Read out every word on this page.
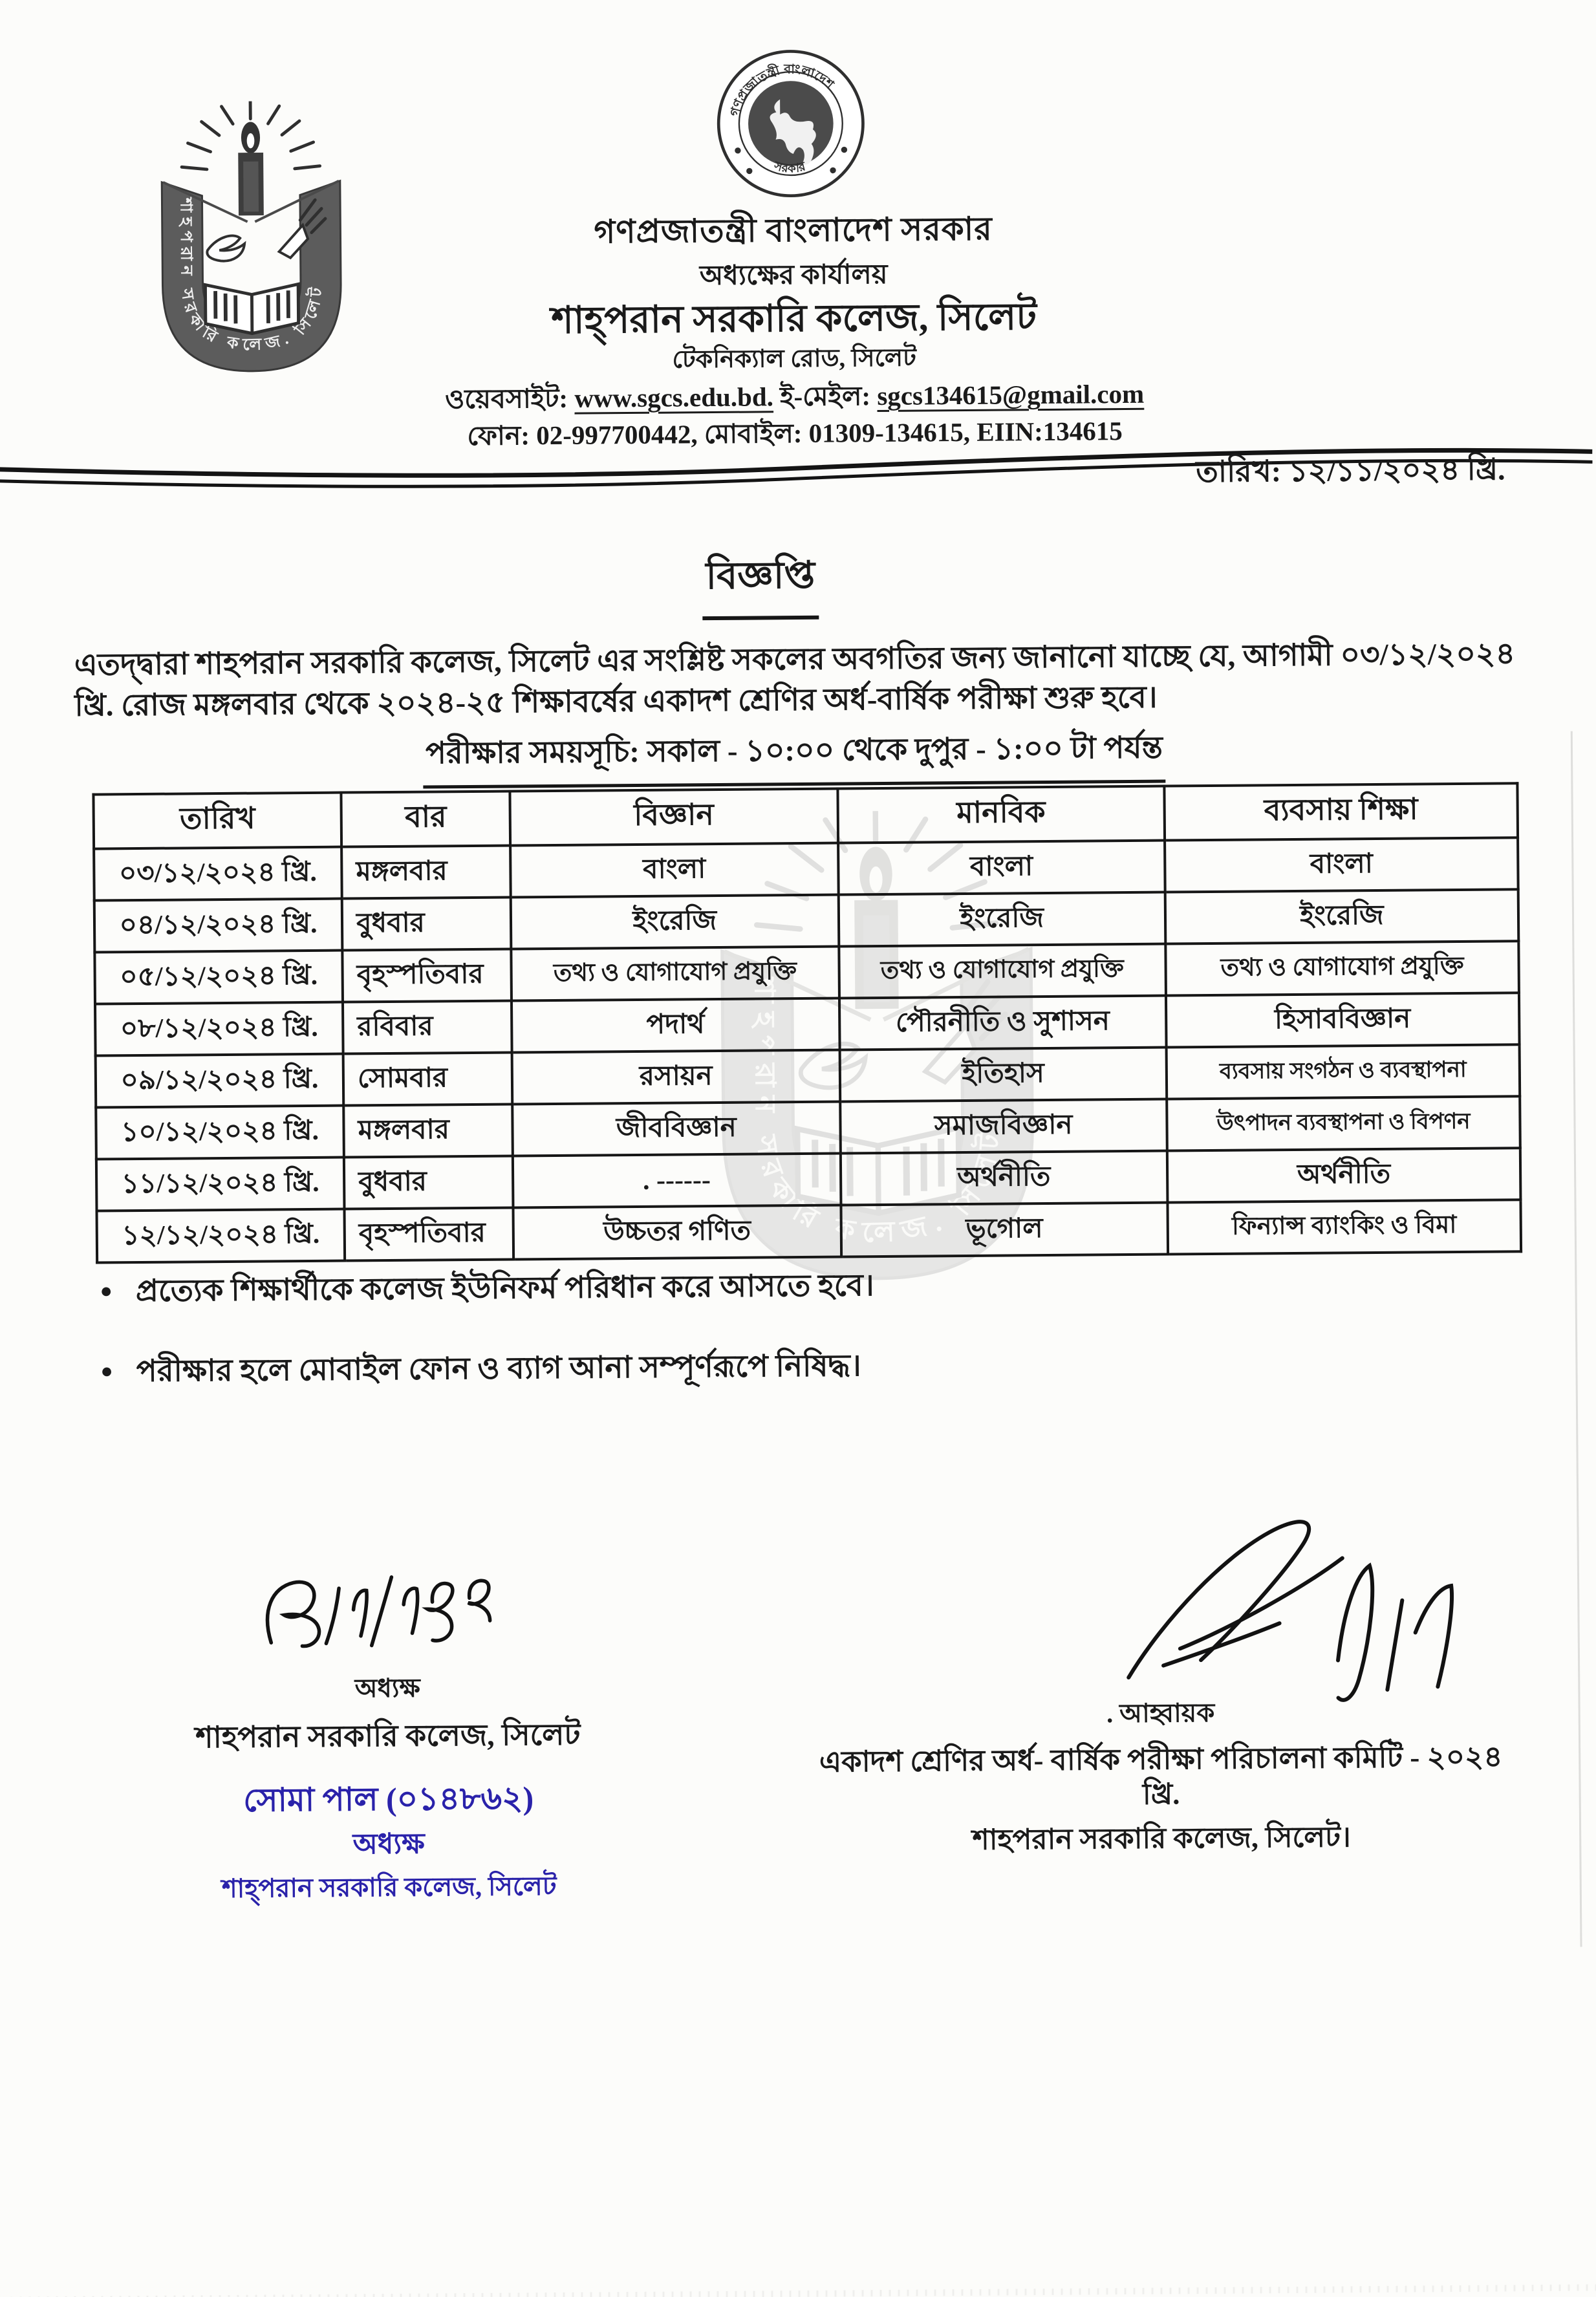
গণপ্রজাতন্ত্রী বাংলাদেশ সরকার
অধ্যক্ষের কার্যালয়
শাহ্‌পরান সরকারি কলেজ, সিলেট
টেকনিক্যাল রোড, সিলেট
ওয়েবসাইট: www.sgcs.edu.bd. ই-মেইল: sgcs134615@gmail.com
ফোন: 02-997700442, মোবাইল: 01309-134615, EIIN:134615
তারিখ: ১২/১১/২০২৪ খ্রি.
বিজ্ঞপ্তি

এতদ্দ্বারা শাহপরান সরকারি কলেজ, সিলেট এর সংশ্লিষ্ট সকলের অবগতির জন্য জানানো যাচ্ছে যে, আগামী ০৩/১২/২০২৪ খ্রি. রোজ মঙ্গলবার থেকে ২০২৪-২৫ শিক্ষাবর্ষের একাদশ শ্রেণির অর্ধ-বার্ষিক পরীক্ষা শুরু হবে।

পরীক্ষার সময়সূচি: সকাল - ১০:০০ থেকে দুপুর - ১:০০ টা পর্যন্ত
তারিখ	বার	বিজ্ঞান	মানবিক	ব্যবসায় শিক্ষা
০৩/১২/২০২৪ খ্রি.	মঙ্গলবার	বাংলা	বাংলা	বাংলা
০৪/১২/২০২৪ খ্রি.	বুধবার	ইংরেজি	ইংরেজি	ইংরেজি
০৫/১২/২০২৪ খ্রি.	বৃহস্পতিবার	তথ্য ও যোগাযোগ প্রযুক্তি	তথ্য ও যোগাযোগ প্রযুক্তি	তথ্য ও যোগাযোগ প্রযুক্তি
০৮/১২/২০২৪ খ্রি.	রবিবার	পদার্থ	পৌরনীতি ও সুশাসন	হিসাববিজ্ঞান
০৯/১২/২০২৪ খ্রি.	সোমবার	রসায়ন	ইতিহাস	ব্যবসায় সংগঠন ও ব্যবস্থাপনা
১০/১২/২০২৪ খ্রি.	মঙ্গলবার	জীববিজ্ঞান	সমাজবিজ্ঞান	উৎপাদন ব্যবস্থাপনা ও বিপণন
১১/১২/২০২৪ খ্রি.	বুধবার	. ------	অর্থনীতি	অর্থনীতি
১২/১২/২০২৪ খ্রি.	বৃহস্পতিবার	উচ্চতর গণিত	ভূগোল	ফিন্যান্স ব্যাংকিং ও বিমা
● প্রত্যেক শিক্ষার্থীকে কলেজ ইউনিফর্ম পরিধান করে আসতে হবে।
● পরীক্ষার হলে মোবাইল ফোন ও ব্যাগ আনা সম্পূর্ণরূপে নিষিদ্ধ।
অধ্যক্ষ
শাহপরান সরকারি কলেজ, সিলেট
সোমা পাল (০১৪৮৬২)
অধ্যক্ষ
শাহ্‌পরান সরকারি কলেজ, সিলেট
. আহ্বায়ক
একাদশ শ্রেণির অর্ধ- বার্ষিক পরীক্ষা পরিচালনা কমিটি - ২০২৪ খ্রি.
শাহপরান সরকারি কলেজ, সিলেট।
